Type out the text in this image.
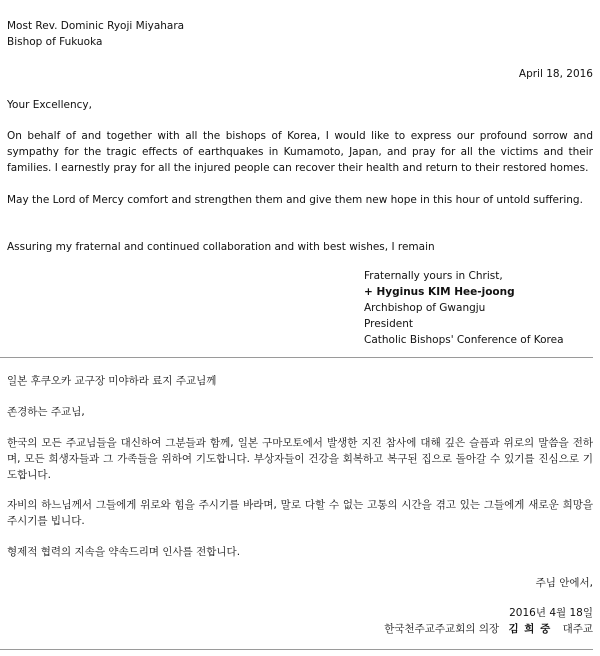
Most Rev. Dominic Ryoji Miyahara
Bishop of Fukuoka
April 18, 2016
Your Excellency,
On behalf of and together with all the bishops of Korea, I would like to express our profound sorrow and sympathy for the tragic effects of earthquakes in Kumamoto, Japan, and pray for all the victims and their families. I earnestly pray for all the injured people can recover their health and return to their restored homes.
May the Lord of Mercy comfort and strengthen them and give them new hope in this hour of untold suffering.
Assuring my fraternal and continued collaboration and with best wishes, I remain
Fraternally yours in Christ,
+ Hyginus KIM Hee-joong
Archbishop of Gwangju
President
Catholic Bishops' Conference of Korea
일본 후쿠오카 교구장 미야하라 료지 주교님께
존경하는 주교님,
한국의 모든 주교님들을 대신하여 그분들과 함께, 일본 구마모토에서 발생한 지진 참사에 대해 깊은 슬픔과 위로의 말씀을 전하며, 모든 희생자들과 그 가족들을 위하여 기도합니다. 부상자들이 건강을 회복하고 복구된 집으로 돌아갈 수 있기를 진심으로 기도합니다.
자비의 하느님께서 그들에게 위로와 힘을 주시기를 바라며, 말로 다할 수 없는 고통의 시간을 겪고 있는 그들에게 새로운 희망을 주시기를 빕니다.
형제적 협력의 지속을 약속드리며 인사를 전합니다.
주님 안에서,
2016년 4월 18일
한국천주교주교회의 의장 김 희 중 대주교
